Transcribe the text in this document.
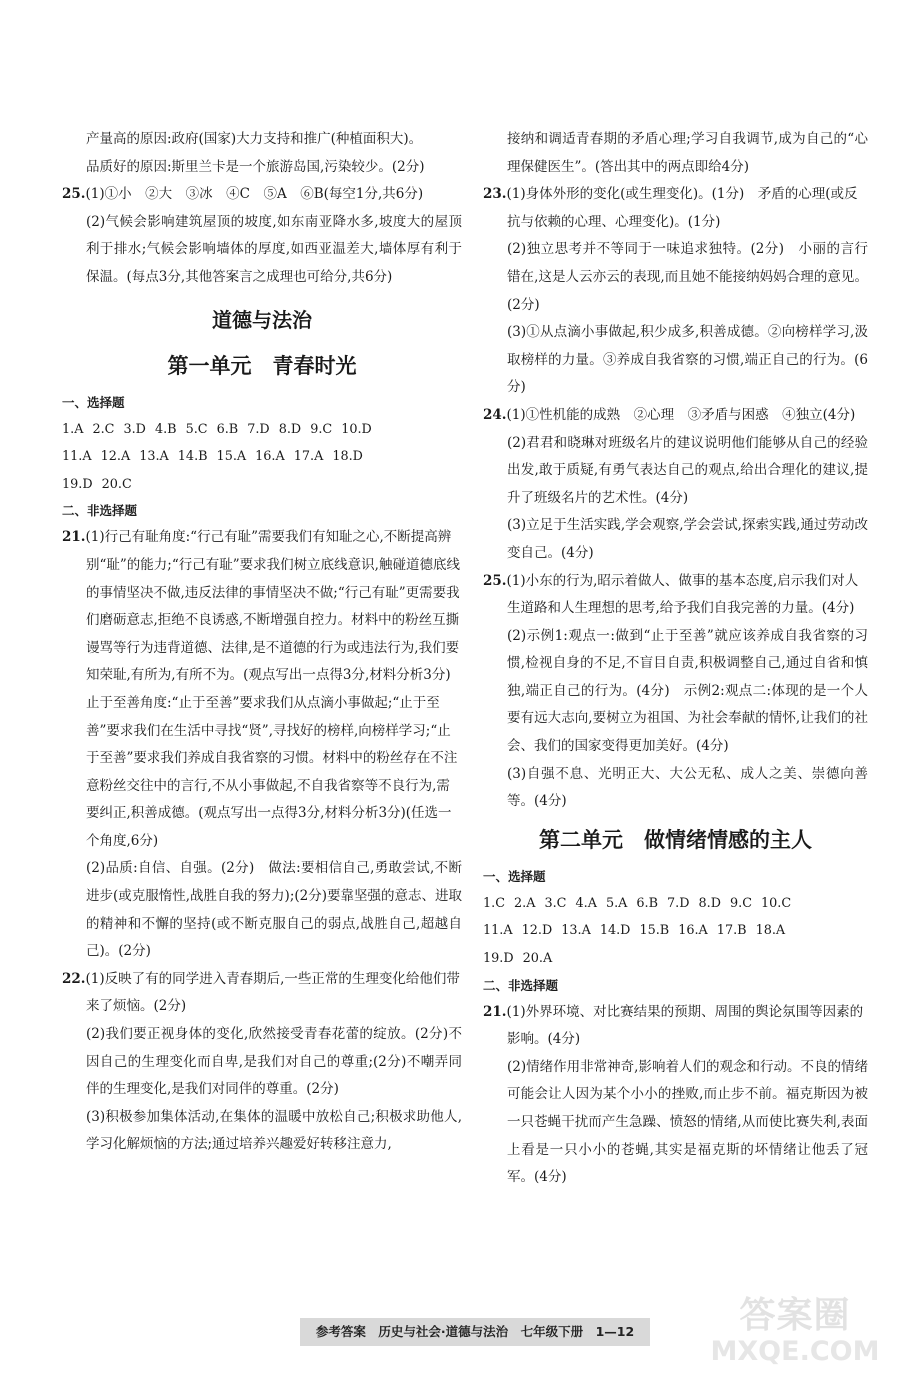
产量高的原因:政府(国家)大力支持和推广(种植面积大)。

品质好的原因:斯里兰卡是一个旅游岛国,污染较少。(2分)

25.(1)①小　②大　③冰　④C　⑤A　⑥B(每空1分,共6分)

(2)气候会影响建筑屋顶的坡度,如东南亚降水多,坡度大的屋顶利于排水;气候会影响墙体的厚度,如西亚温差大,墙体厚有利于保温。(每点3分,其他答案言之成理也可给分,共6分)

道德与法治

第一单元　青春时光

一、选择题

1.A 2.C 3.D 4.B 5.C 6.B 7.D 8.D 9.C 10.D

11.A 12.A 13.A 14.B 15.A 16.A 17.A 18.D

19.D 20.C

二、非选择题

21.(1)行己有耻角度:“行己有耻”需要我们有知耻之心,不断提高辨别“耻”的能力;“行己有耻”要求我们树立底线意识,触碰道德底线的事情坚决不做,违反法律的事情坚决不做;“行己有耻”更需要我们磨砺意志,拒绝不良诱惑,不断增强自控力。材料中的粉丝互撕谩骂等行为违背道德、法律,是不道德的行为或违法行为,我们要知荣耻,有所为,有所不为。(观点写出一点得3分,材料分析3分)　止于至善角度:“止于至善”要求我们从点滴小事做起;“止于至善”要求我们在生活中寻找“贤”,寻找好的榜样,向榜样学习;“止于至善”要求我们养成自我省察的习惯。材料中的粉丝存在不注意粉丝交往中的言行,不从小事做起,不自我省察等不良行为,需要纠正,积善成德。(观点写出一点得3分,材料分析3分)(任选一个角度,6分)

(2)品质:自信、自强。(2分)　做法:要相信自己,勇敢尝试,不断进步(或克服惰性,战胜自我的努力);(2分)要靠坚强的意志、进取的精神和不懈的坚持(或不断克服自己的弱点,战胜自己,超越自己)。(2分)

22.(1)反映了有的同学进入青春期后,一些正常的生理变化给他们带来了烦恼。(2分)

(2)我们要正视身体的变化,欣然接受青春花蕾的绽放。(2分)不因自己的生理变化而自卑,是我们对自己的尊重;(2分)不嘲弄同伴的生理变化,是我们对同伴的尊重。(2分)

(3)积极参加集体活动,在集体的温暖中放松自己;积极求助他人,学习化解烦恼的方法;通过培养兴趣爱好转移注意力,

接纳和调适青春期的矛盾心理;学习自我调节,成为自己的“心理保健医生”。(答出其中的两点即给4分)

23.(1)身体外形的变化(或生理变化)。(1分)　矛盾的心理(或反抗与依赖的心理、心理变化)。(1分)

(2)独立思考并不等同于一味追求独特。(2分)　小丽的言行错在,这是人云亦云的表现,而且她不能接纳妈妈合理的意见。(2分)

(3)①从点滴小事做起,积少成多,积善成德。②向榜样学习,汲取榜样的力量。③养成自我省察的习惯,端正自己的行为。(6分)

24.(1)①性机能的成熟　②心理　③矛盾与困惑　④独立(4分)

(2)君君和晓琳对班级名片的建议说明他们能够从自己的经验出发,敢于质疑,有勇气表达自己的观点,给出合理化的建议,提升了班级名片的艺术性。(4分)

(3)立足于生活实践,学会观察,学会尝试,探索实践,通过劳动改变自己。(4分)

25.(1)小东的行为,昭示着做人、做事的基本态度,启示我们对人生道路和人生理想的思考,给予我们自我完善的力量。(4分)

(2)示例1:观点一:做到“止于至善”就应该养成自我省察的习惯,检视自身的不足,不盲目自责,积极调整自己,通过自省和慎独,端正自己的行为。(4分)　示例2:观点二:体现的是一个人要有远大志向,要树立为祖国、为社会奉献的情怀,让我们的社会、我们的国家变得更加美好。(4分)

(3)自强不息、光明正大、大公无私、成人之美、崇德向善等。(4分)

第二单元　做情绪情感的主人

一、选择题

1.C 2.A 3.C 4.A 5.A 6.B 7.D 8.D 9.C 10.C

11.A 12.D 13.A 14.D 15.B 16.A 17.B 18.A

19.D 20.A

二、非选择题

21.(1)外界环境、对比赛结果的预期、周围的舆论氛围等因素的影响。(4分)

(2)情绪作用非常神奇,影响着人们的观念和行动。不良的情绪可能会让人因为某个小小的挫败,而止步不前。福克斯因为被一只苍蝇干扰而产生急躁、愤怒的情绪,从而使比赛失利,表面上看是一只小小的苍蝇,其实是福克斯的坏情绪让他丢了冠军。(4分)

参考答案　历史与社会·道德与法治　七年级下册　1—12	答案圈
MXQE.COM
